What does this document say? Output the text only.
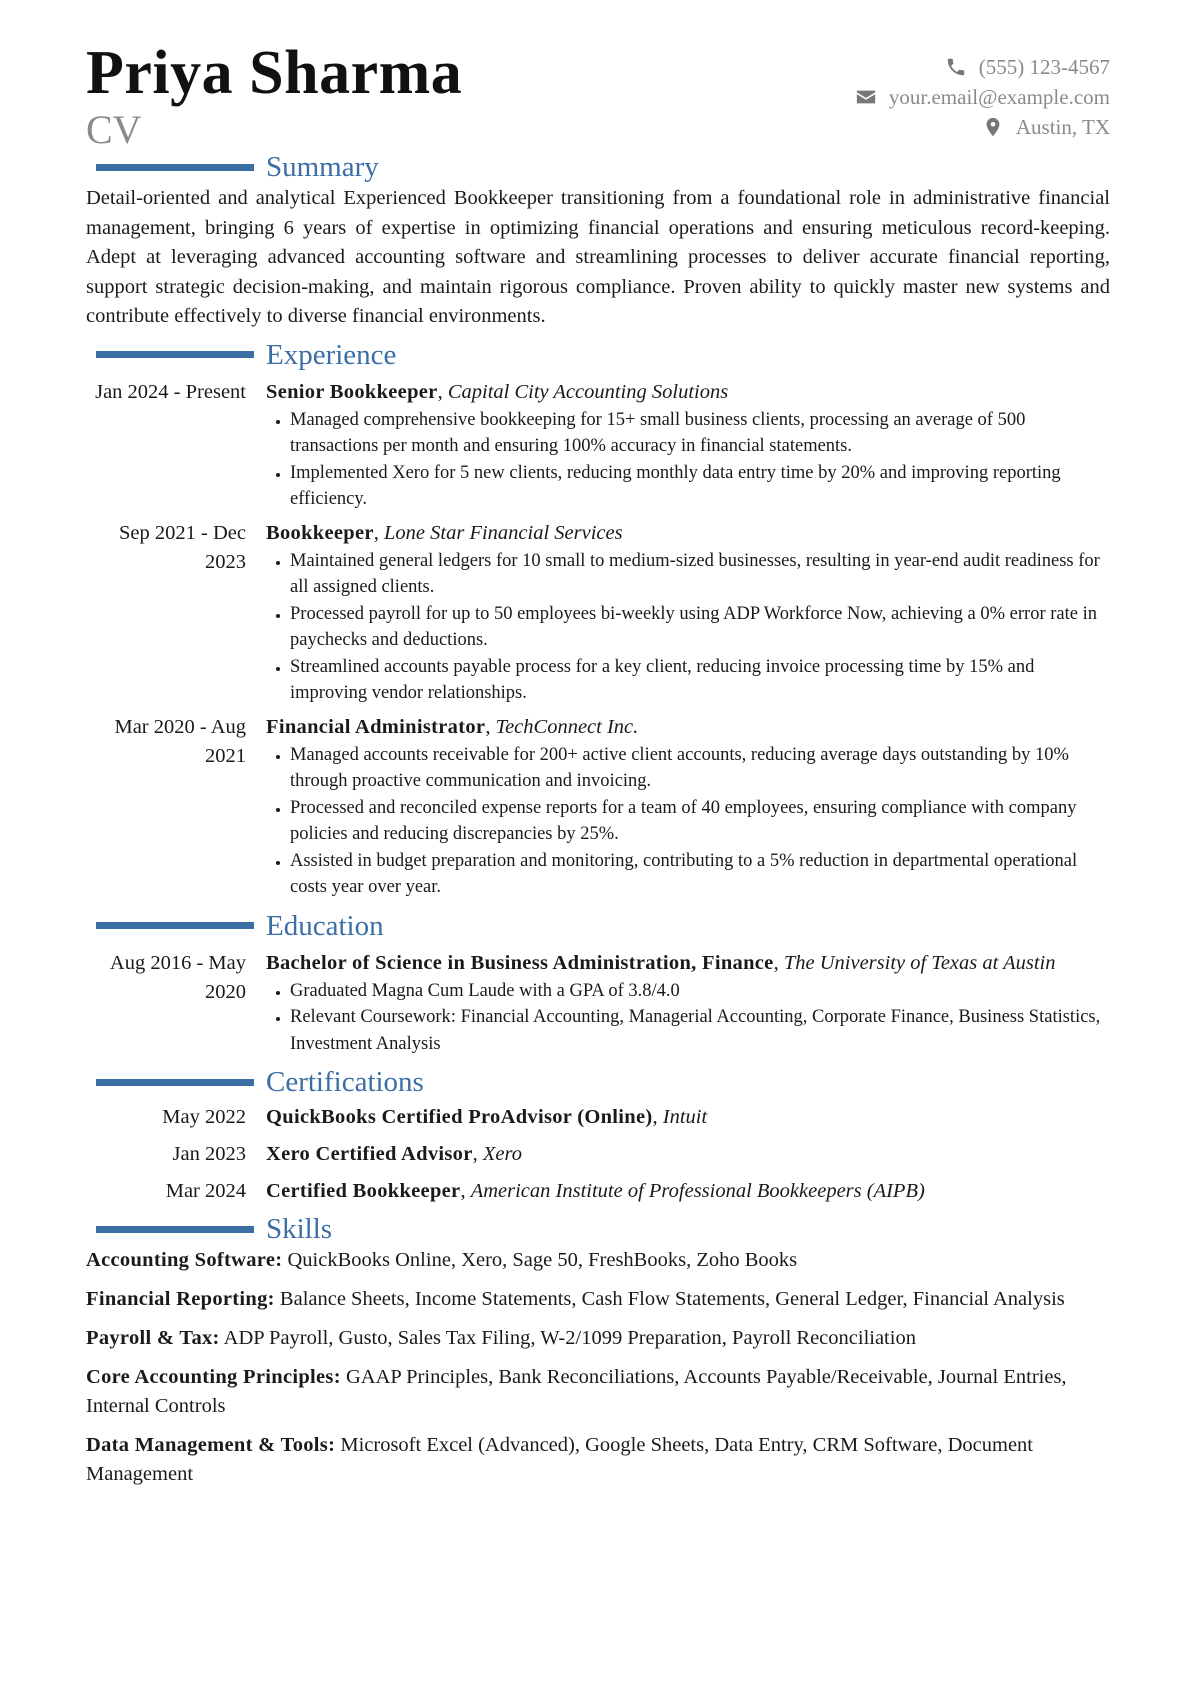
Priya Sharma
CV
(555) 123-4567
your.email@example.com
Austin, TX
Summary

Detail-oriented and analytical Experienced Bookkeeper transitioning from a foundational role in administrative financial management, bringing 6 years of expertise in optimizing financial operations and ensuring meticulous record-keeping. Adept at leveraging advanced accounting software and streamlining processes to deliver accurate financial reporting, support strategic decision-making, and maintain rigorous compliance. Proven ability to quickly master new systems and contribute effectively to diverse financial environments.

Experience
Jan 2024 - Present Senior Bookkeeper, Capital City Accounting Solutions
• Managed comprehensive bookkeeping for 15+ small business clients, processing an average of 500 transactions per month and ensuring 100% accuracy in financial statements.
• Implemented Xero for 5 new clients, reducing monthly data entry time by 20% and improving reporting efficiency.
Sep 2021 - Dec 2023
Bookkeeper, Lone Star Financial Services
• Maintained general ledgers for 10 small to medium-sized businesses, resulting in year-end audit readiness for all assigned clients.
• Processed payroll for up to 50 employees bi-weekly using ADP Workforce Now, achieving a 0% error rate in paychecks and deductions.
• Streamlined accounts payable process for a key client, reducing invoice processing time by 15% and improving vendor relationships.
Mar 2020 - Aug 2021
Financial Administrator, TechConnect Inc.
• Managed accounts receivable for 200+ active client accounts, reducing average days outstanding by 10% through proactive communication and invoicing.
• Processed and reconciled expense reports for a team of 40 employees, ensuring compliance with company policies and reducing discrepancies by 25%.
• Assisted in budget preparation and monitoring, contributing to a 5% reduction in departmental operational costs year over year.
Education
Aug 2016 - May 2020
Bachelor of Science in Business Administration, Finance, The University of Texas at Austin
• Graduated Magna Cum Laude with a GPA of 3.8/4.0
• Relevant Coursework: Financial Accounting, Managerial Accounting, Corporate Finance, Business Statistics, Investment Analysis
Certifications
May 2022 QuickBooks Certified ProAdvisor (Online), Intuit
Jan 2023 Xero Certified Advisor, Xero
Mar 2024 Certified Bookkeeper, American Institute of Professional Bookkeepers (AIPB)
Skills

Accounting Software: QuickBooks Online, Xero, Sage 50, FreshBooks, Zoho Books

Financial Reporting: Balance Sheets, Income Statements, Cash Flow Statements, General Ledger, Financial Analysis

Payroll & Tax: ADP Payroll, Gusto, Sales Tax Filing, W-2/1099 Preparation, Payroll Reconciliation

Core Accounting Principles: GAAP Principles, Bank Reconciliations, Accounts Payable/Receivable, Journal Entries, Internal Controls

Data Management & Tools: Microsoft Excel (Advanced), Google Sheets, Data Entry, CRM Software, Document Management
